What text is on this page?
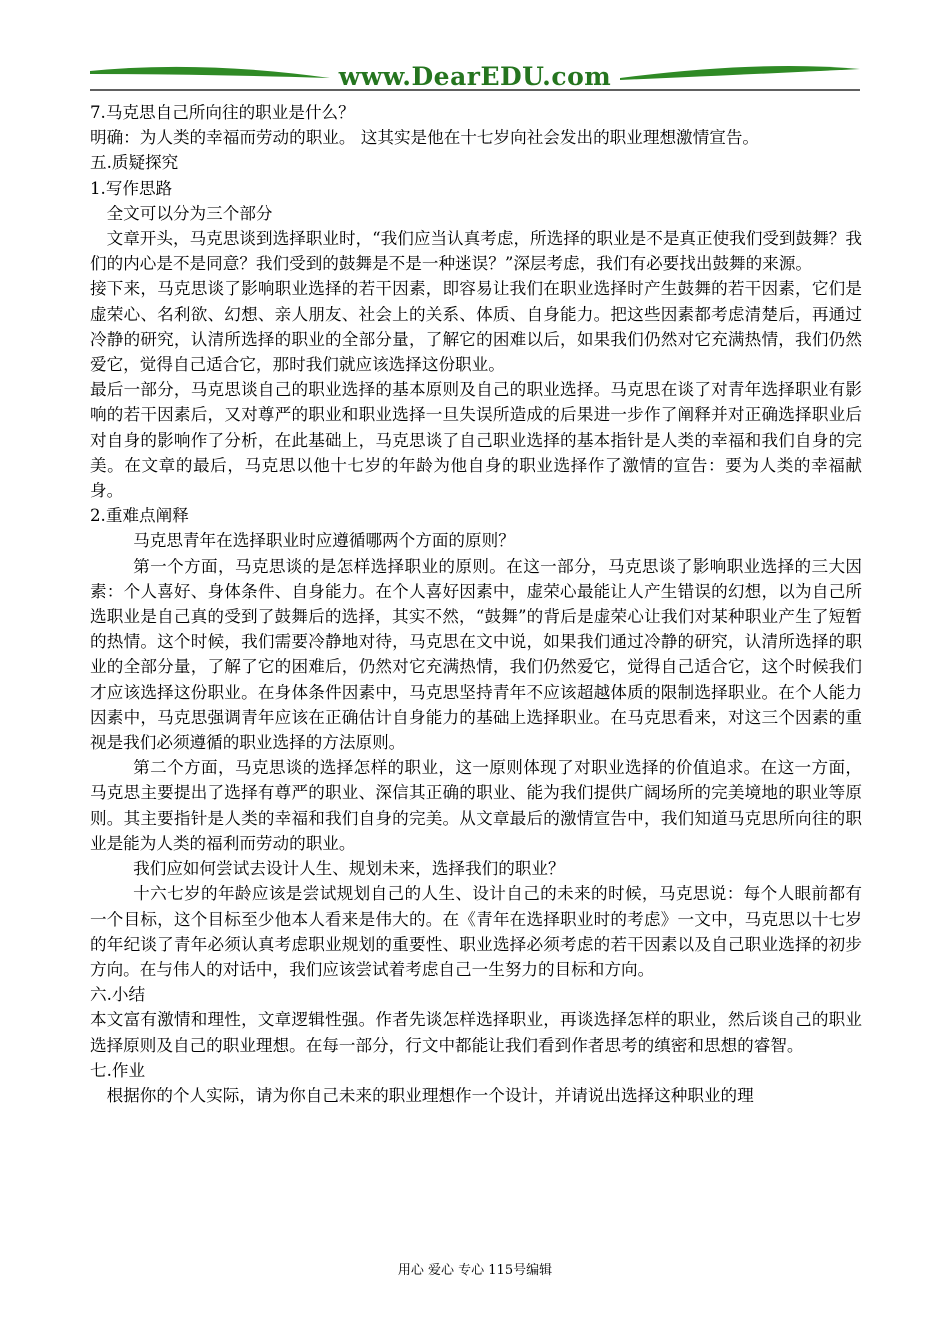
www.DearEDU.com

7.马克思自己所向往的职业是什么？

明确：为人类的幸福而劳动的职业。 这其实是他在十七岁向社会发出的职业理想激情宣告。

五.质疑探究

1.写作思路

全文可以分为三个部分

文章开头，马克思谈到选择职业时，“我们应当认真考虑，所选择的职业是不是真正使我们受到鼓舞？我们的内心是不是同意？我们受到的鼓舞是不是一种迷误？”深层考虑，我们有必要找出鼓舞的来源。

接下来，马克思谈了影响职业选择的若干因素，即容易让我们在职业选择时产生鼓舞的若干因素，它们是虚荣心、名利欲、幻想、亲人朋友、社会上的关系、体质、自身能力。把这些因素都考虑清楚后，再通过冷静的研究，认清所选择的职业的全部分量，了解它的困难以后，如果我们仍然对它充满热情，我们仍然爱它，觉得自己适合它，那时我们就应该选择这份职业。

最后一部分，马克思谈自己的职业选择的基本原则及自己的职业选择。马克思在谈了对青年选择职业有影响的若干因素后，又对尊严的职业和职业选择一旦失误所造成的后果进一步作了阐释并对正确选择职业后对自身的影响作了分析，在此基础上，马克思谈了自己职业选择的基本指针是人类的幸福和我们自身的完美。在文章的最后，马克思以他十七岁的年龄为他自身的职业选择作了激情的宣告：要为人类的幸福献身。

2.重难点阐释

马克思青年在选择职业时应遵循哪两个方面的原则？

第一个方面，马克思谈的是怎样选择职业的原则。在这一部分，马克思谈了影响职业选择的三大因素：个人喜好、身体条件、自身能力。在个人喜好因素中，虚荣心最能让人产生错误的幻想，以为自己所选职业是自己真的受到了鼓舞后的选择，其实不然，“鼓舞”的背后是虚荣心让我们对某种职业产生了短暂的热情。这个时候，我们需要冷静地对待，马克思在文中说，如果我们通过冷静的研究，认清所选择的职业的全部分量，了解了它的困难后，仍然对它充满热情，我们仍然爱它，觉得自己适合它，这个时候我们才应该选择这份职业。在身体条件因素中，马克思坚持青年不应该超越体质的限制选择职业。在个人能力因素中，马克思强调青年应该在正确估计自身能力的基础上选择职业。在马克思看来，对这三个因素的重视是我们必须遵循的职业选择的方法原则。

第二个方面，马克思谈的选择怎样的职业，这一原则体现了对职业选择的价值追求。在这一方面，马克思主要提出了选择有尊严的职业、深信其正确的职业、能为我们提供广阔场所的完美境地的职业等原则。其主要指针是人类的幸福和我们自身的完美。从文章最后的激情宣告中，我们知道马克思所向往的职业是能为人类的福利而劳动的职业。

我们应如何尝试去设计人生、规划未来，选择我们的职业？

十六七岁的年龄应该是尝试规划自己的人生、设计自己的未来的时候，马克思说：每个人眼前都有一个目标，这个目标至少他本人看来是伟大的。在《青年在选择职业时的考虑》一文中，马克思以十七岁的年纪谈了青年必须认真考虑职业规划的重要性、职业选择必须考虑的若干因素以及自己职业选择的初步方向。在与伟人的对话中，我们应该尝试着考虑自己一生努力的目标和方向。

六.小结

本文富有激情和理性，文章逻辑性强。作者先谈怎样选择职业，再谈选择怎样的职业，然后谈自己的职业选择原则及自己的职业理想。在每一部分，行文中都能让我们看到作者思考的缜密和思想的睿智。

七.作业

根据你的个人实际，请为你自己未来的职业理想作一个设计，并请说出选择这种职业的理

用心 爱心 专心 115号编辑
